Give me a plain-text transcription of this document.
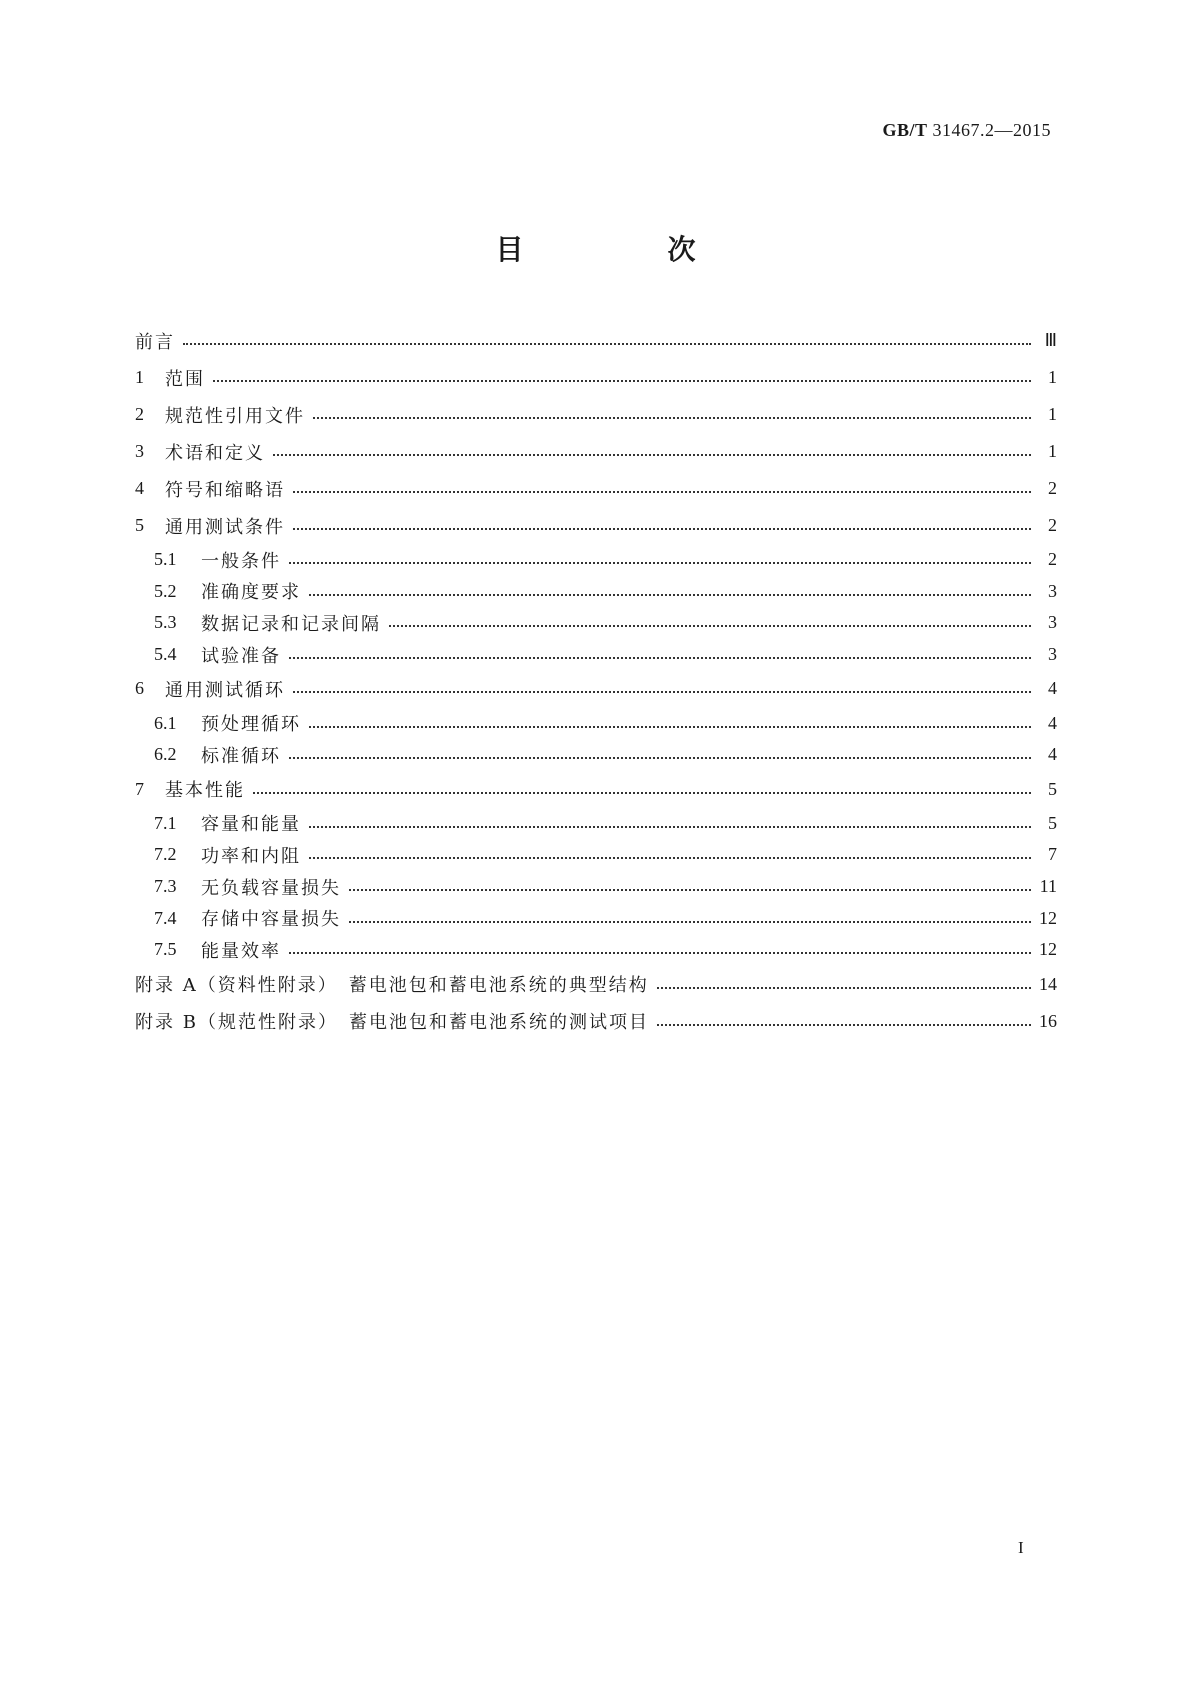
GB/T 31467.2—2015
目　次
前言	Ⅲ
1	范围	1
2	规范性引用文件	1
3	术语和定义	1
4	符号和缩略语	2
5	通用测试条件	2
5.1	一般条件	2
5.2	准确度要求	3
5.3	数据记录和记录间隔	3
5.4	试验准备	3
6	通用测试循环	4
6.1	预处理循环	4
6.2	标准循环	4
7	基本性能	5
7.1	容量和能量	5
7.2	功率和内阻	7
7.3	无负载容量损失	11
7.4	存储中容量损失	12
7.5	能量效率	12
附录 A（资料性附录）　蓄电池包和蓄电池系统的典型结构	14
附录 B（规范性附录）　蓄电池包和蓄电池系统的测试项目	16
I
